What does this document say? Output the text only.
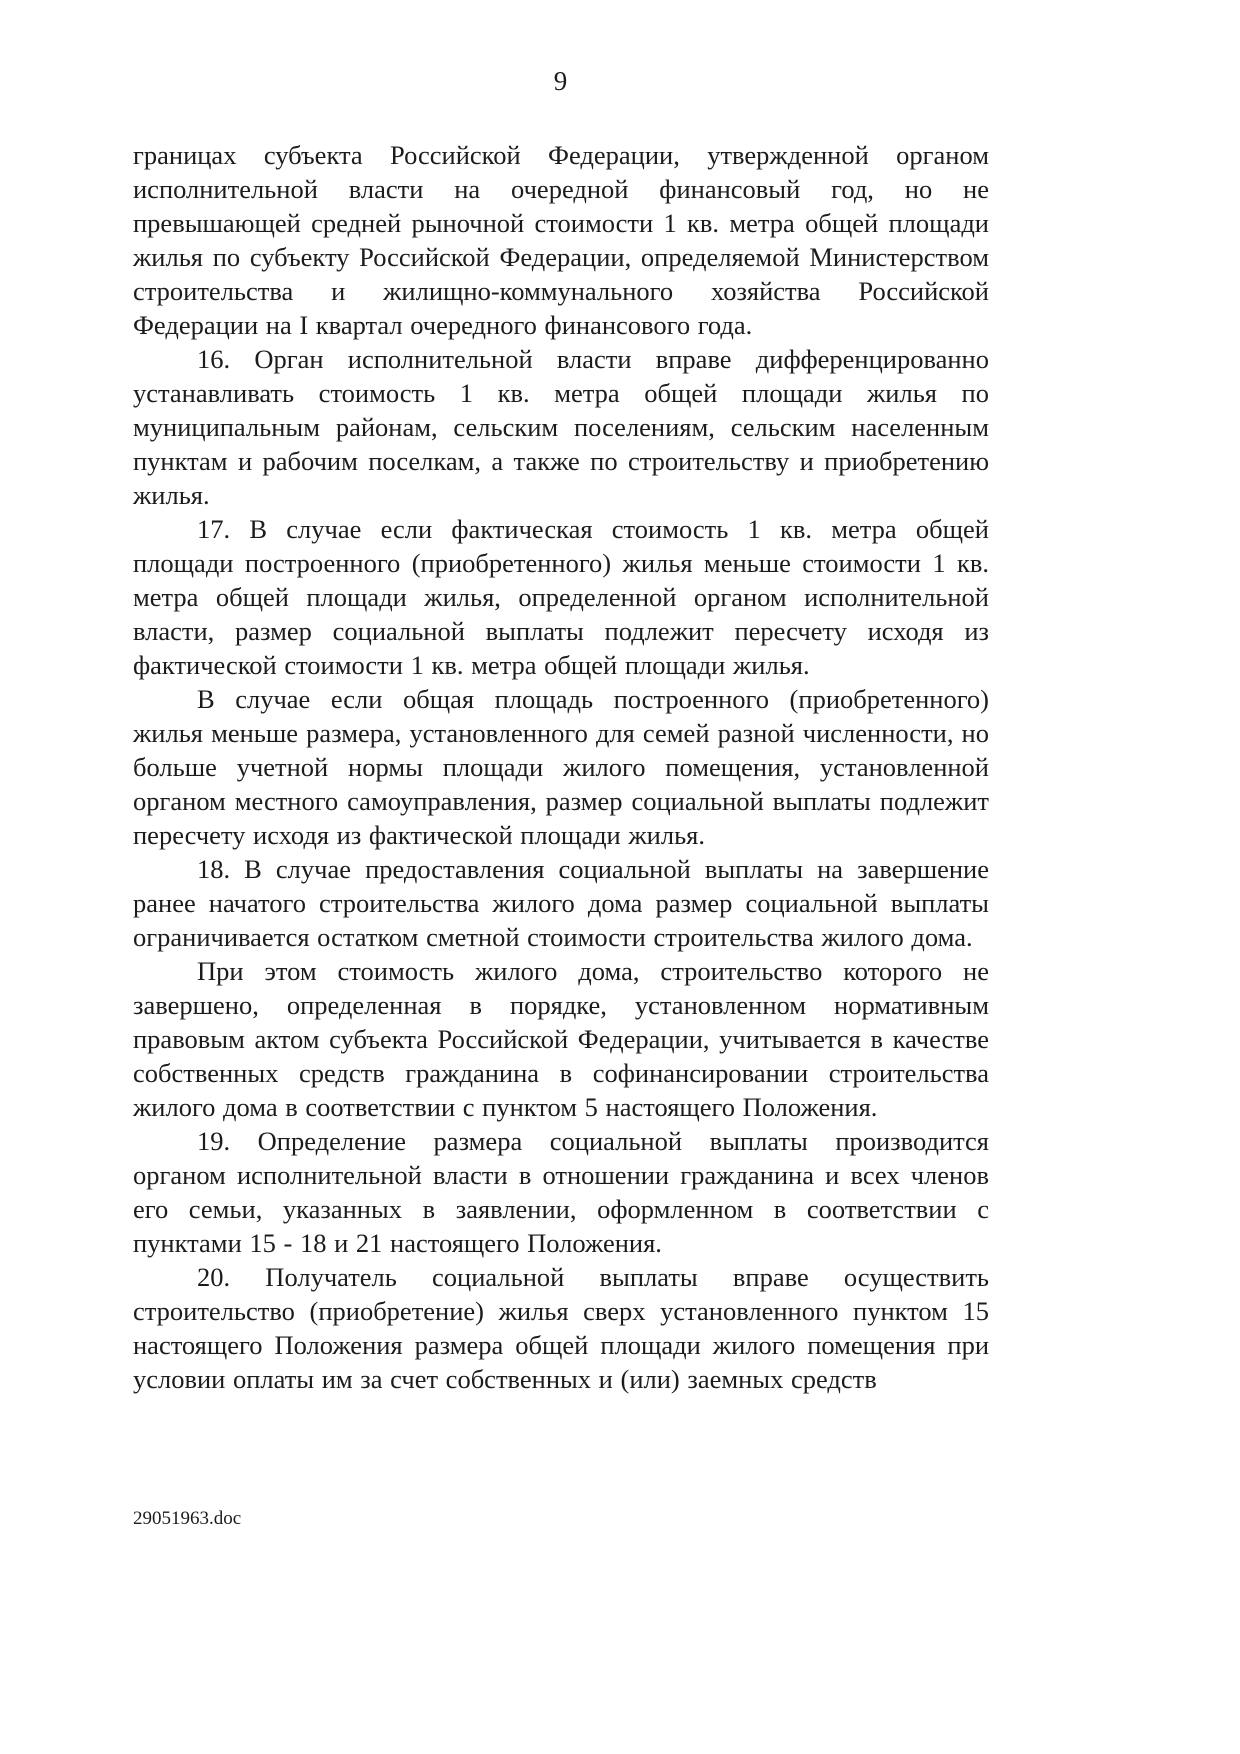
9

границах субъекта Российской Федерации, утвержденной органом исполнительной власти на очередной финансовый год, но не превышающей средней рыночной стоимости 1 кв. метра общей площади жилья по субъекту Российской Федерации, определяемой Министерством строительства и жилищно-коммунального хозяйства Российской Федерации на I квартал очередного финансового года.

16. Орган исполнительной власти вправе дифференцированно устанавливать стоимость 1 кв. метра общей площади жилья по муниципальным районам, сельским поселениям, сельским населенным пунктам и рабочим поселкам, а также по строительству и приобретению жилья.

17. В случае если фактическая стоимость 1 кв. метра общей площади построенного (приобретенного) жилья меньше стоимости 1 кв. метра общей площади жилья, определенной органом исполнительной власти, размер социальной выплаты подлежит пересчету исходя из фактической стоимости 1 кв. метра общей площади жилья.

В случае если общая площадь построенного (приобретенного) жилья меньше размера, установленного для семей разной численности, но больше учетной нормы площади жилого помещения, установленной органом местного самоуправления, размер социальной выплаты подлежит пересчету исходя из фактической площади жилья.

18. В случае предоставления социальной выплаты на завершение ранее начатого строительства жилого дома размер социальной выплаты ограничивается остатком сметной стоимости строительства жилого дома.

При этом стоимость жилого дома, строительство которого не завершено, определенная в порядке, установленном нормативным правовым актом субъекта Российской Федерации, учитывается в качестве собственных средств гражданина в софинансировании строительства жилого дома в соответствии с пунктом 5 настоящего Положения.

19. Определение размера социальной выплаты производится органом исполнительной власти в отношении гражданина и всех членов его семьи, указанных в заявлении, оформленном в соответствии с пунктами 15 - 18 и 21 настоящего Положения.

20. Получатель социальной выплаты вправе осуществить строительство (приобретение) жилья сверх установленного пунктом 15 настоящего Положения размера общей площади жилого помещения при условии оплаты им за счет собственных и (или) заемных средств

29051963.doc
